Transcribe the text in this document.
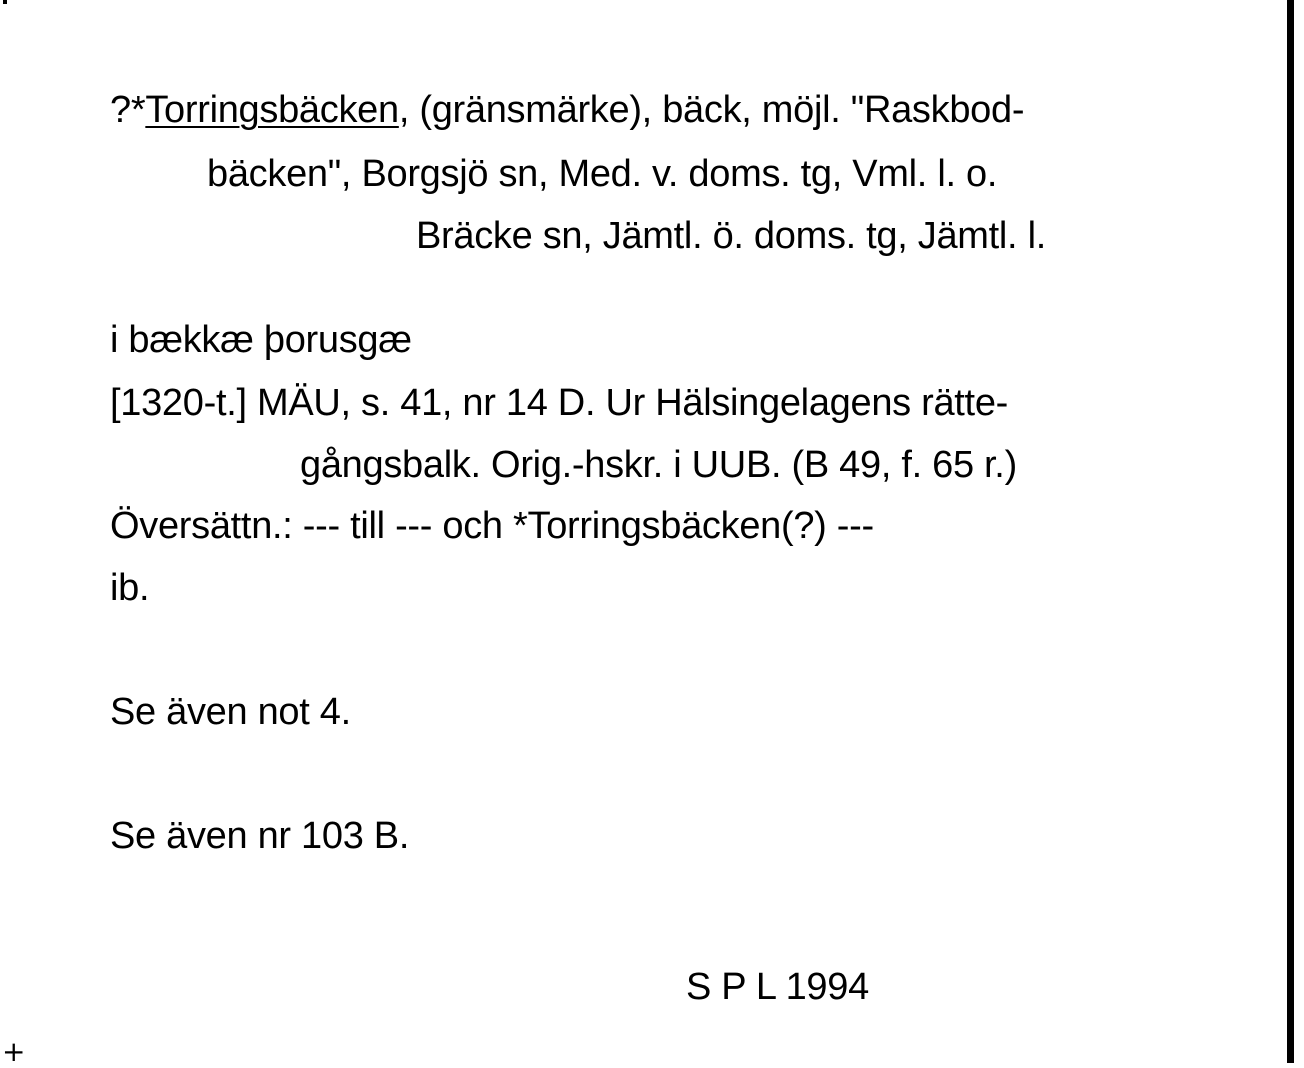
?*Torringsbäcken, (gränsmärke), bäck, möjl. "Raskbod-
bäcken", Borgsjö sn, Med. v. doms. tg, Vml. l. o.
Bräcke sn, Jämtl. ö. doms. tg, Jämtl. l.
i bækkæ þorusgæ
[1320-t.] MÄU, s. 41, nr 14 D. Ur Hälsingelagens rätte-
gångsbalk. Orig.-hskr. i UUB. (B 49, f. 65 r.)
Översättn.: --- till --- och *Torringsbäcken(?) ---
ib.
Se även not 4.
Se även nr 103 B.
S P L 1994
+
